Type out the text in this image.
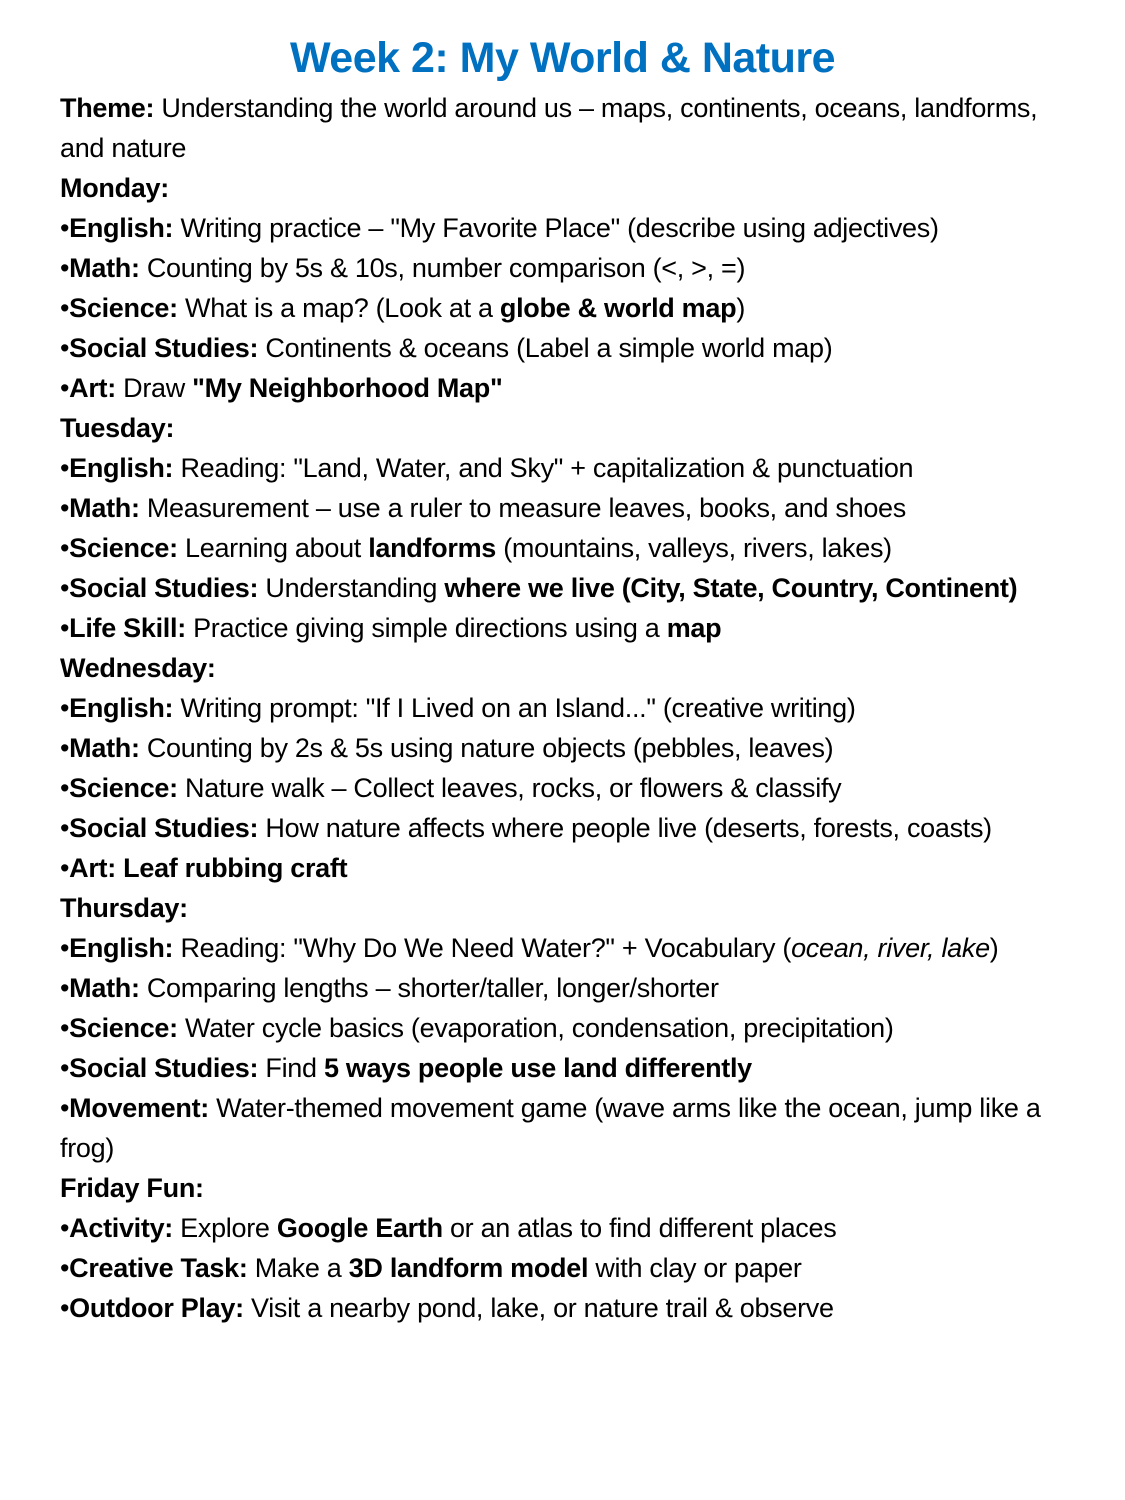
Week 2: My World & Nature

Theme: Understanding the world around us – maps, continents, oceans, landforms, and nature

Monday:

•English: Writing practice – "My Favorite Place" (describe using adjectives)

•Math: Counting by 5s & 10s, number comparison (<, >, =)

•Science: What is a map? (Look at a globe & world map)

•Social Studies: Continents & oceans (Label a simple world map)

•Art: Draw "My Neighborhood Map"

Tuesday:

•English: Reading: "Land, Water, and Sky" + capitalization & punctuation

•Math: Measurement – use a ruler to measure leaves, books, and shoes

•Science: Learning about landforms (mountains, valleys, rivers, lakes)

•Social Studies: Understanding where we live (City, State, Country, Continent)

•Life Skill: Practice giving simple directions using a map

Wednesday:

•English: Writing prompt: "If I Lived on an Island..." (creative writing)

•Math: Counting by 2s & 5s using nature objects (pebbles, leaves)

•Science: Nature walk – Collect leaves, rocks, or flowers & classify

•Social Studies: How nature affects where people live (deserts, forests, coasts)

•Art: Leaf rubbing craft

Thursday:

•English: Reading: "Why Do We Need Water?" + Vocabulary (ocean, river, lake)

•Math: Comparing lengths – shorter/taller, longer/shorter

•Science: Water cycle basics (evaporation, condensation, precipitation)

•Social Studies: Find 5 ways people use land differently

•Movement: Water-themed movement game (wave arms like the ocean, jump like a frog)

Friday Fun:

•Activity: Explore Google Earth or an atlas to find different places

•Creative Task: Make a 3D landform model with clay or paper

•Outdoor Play: Visit a nearby pond, lake, or nature trail & observe
